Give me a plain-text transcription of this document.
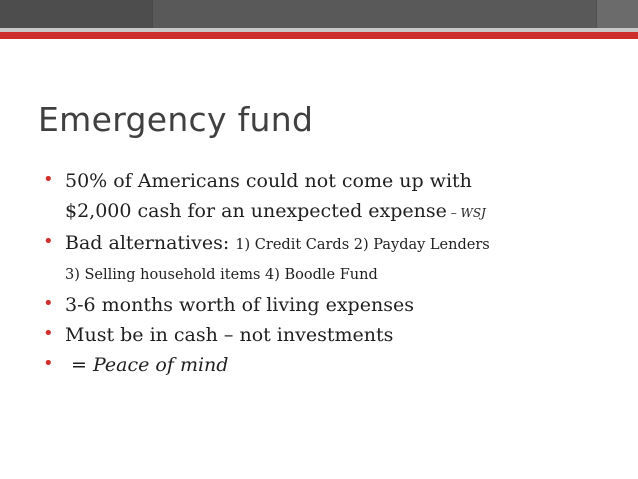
Emergency fund
• 50% of Americans could not come up with
$2,000 cash for an unexpected expense – WSJ
• Bad alternatives: 1) Credit Cards 2) Payday Lenders
3) Selling household items 4) Boodle Fund
• 3-6 months worth of living expenses
• Must be in cash – not investments
• = Peace of mind
